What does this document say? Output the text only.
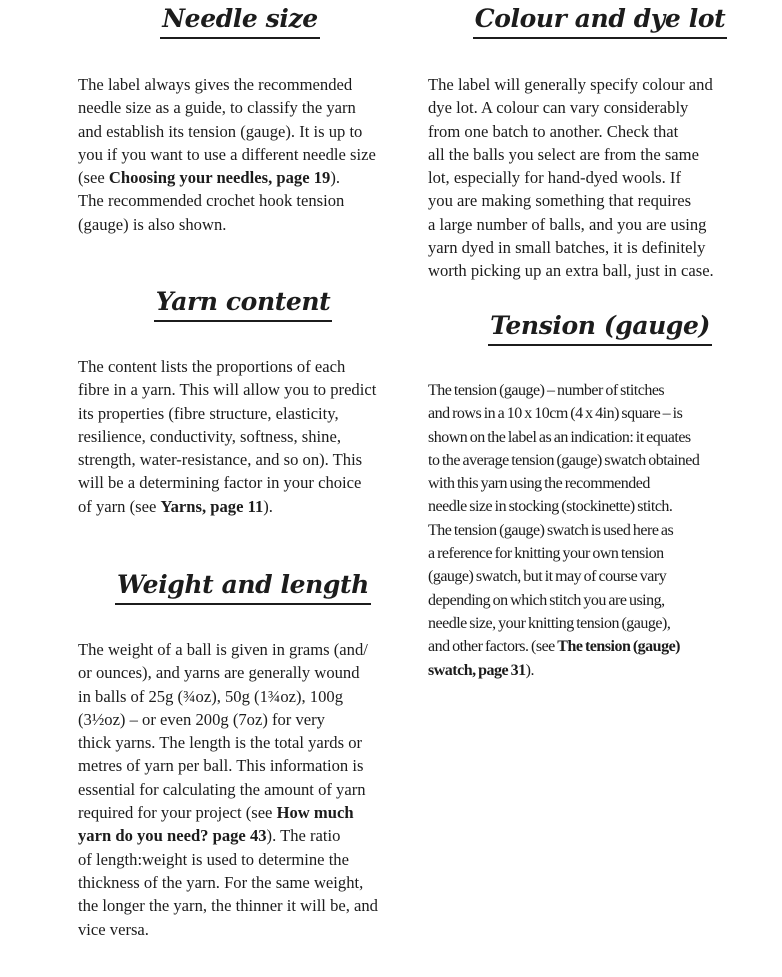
Needle size

The label always gives the recommended
needle size as a guide, to classify the yarn
and establish its tension (gauge). It is up to
you if you want to use a different needle size
(see Choosing your needles, page 19).
The recommended crochet hook tension
(gauge) is also shown.

Yarn content

The content lists the proportions of each
fibre in a yarn. This will allow you to predict
its properties (fibre structure, elasticity,
resilience, conductivity, softness, shine,
strength, water-resistance, and so on). This
will be a determining factor in your choice
of yarn (see Yarns, page 11).

Weight and length

The weight of a ball is given in grams (and/
or ounces), and yarns are generally wound
in balls of 25g (¾oz), 50g (1¾oz), 100g
(3½oz) – or even 200g (7oz) for very
thick yarns. The length is the total yards or
metres of yarn per ball. This information is
essential for calculating the amount of yarn
required for your project (see How much
yarn do you need? page 43). The ratio
of length:weight is used to determine the
thickness of the yarn. For the same weight,
the longer the yarn, the thinner it will be, and
vice versa.

Colour and dye lot

The label will generally specify colour and
dye lot. A colour can vary considerably
from one batch to another. Check that
all the balls you select are from the same
lot, especially for hand-dyed wools. If
you are making something that requires
a large number of balls, and you are using
yarn dyed in small batches, it is definitely
worth picking up an extra ball, just in case.

Tension (gauge)

The tension (gauge) – number of stitches
and rows in a 10 x 10cm (4 x 4in) square – is
shown on the label as an indication: it equates
to the average tension (gauge) swatch obtained
with this yarn using the recommended
needle size in stocking (stockinette) stitch.
The tension (gauge) swatch is used here as
a reference for knitting your own tension
(gauge) swatch, but it may of course vary
depending on which stitch you are using,
needle size, your knitting tension (gauge),
and other factors. (see The tension (gauge)
swatch, page 31).
